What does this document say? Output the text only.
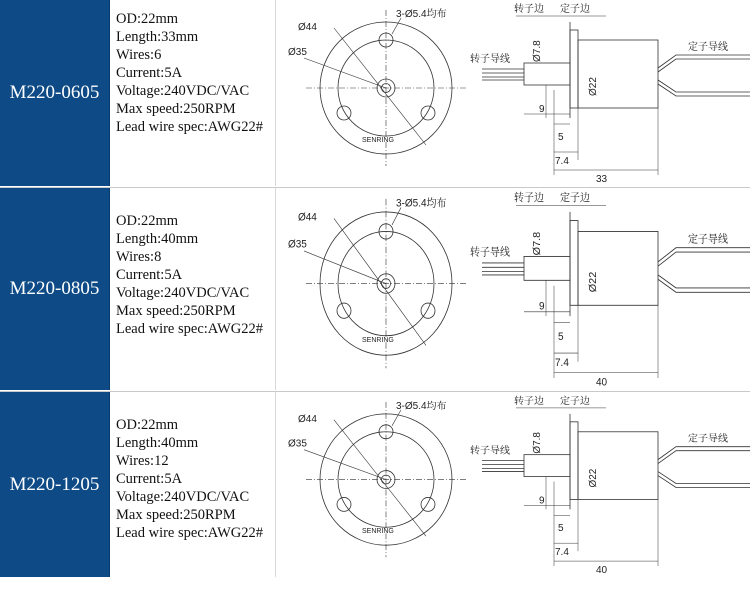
M220-0605
OD:22mm
Length:33mm
Wires:6
Current:5A
Voltage:240VDC/VAC
Max speed:250RPM
Lead wire spec:AWG22#
Ø44
Ø35
3-Ø5.4均布
SENRING
转子边 定子边
转子导线
定子导线
Ø7.8
Ø22
9
5
7.4
33
M220-0805
OD:22mm
Length:40mm
Wires:8
Current:5A
Voltage:240VDC/VAC
Max speed:250RPM
Lead wire spec:AWG22#
Ø44
Ø35
3-Ø5.4均布
SENRING
转子边 定子边
转子导线
定子导线
Ø7.8
Ø22
9
5
7.4
40
M220-1205
OD:22mm
Length:40mm
Wires:12
Current:5A
Voltage:240VDC/VAC
Max speed:250RPM
Lead wire spec:AWG22#
Ø44
Ø35
3-Ø5.4均布
SENRING
转子边 定子边
转子导线
定子导线
Ø7.8
Ø22
9
5
7.4
40
